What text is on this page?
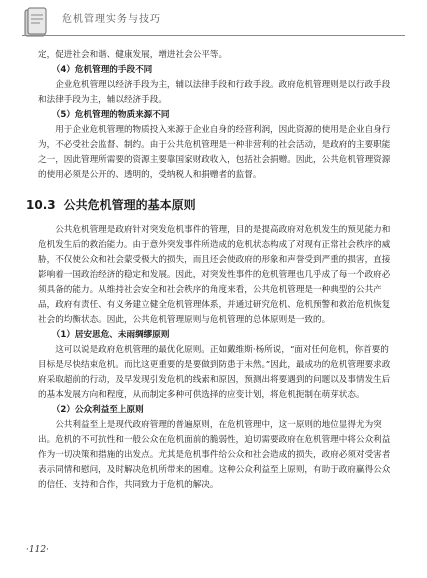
危机管理实务与技巧

定，促进社会和谐、健康发展，增进社会公平等。

（4）危机管理的手段不同

企业危机管理以经济手段为主，辅以法律手段和行政手段。政府危机管理则是以行政手段和法律手段为主，辅以经济手段。

（5）危机管理的物质来源不同

用于企业危机管理的物质投入来源于企业自身的经营利润，因此资源的使用是企业自身行为，不必受社会监督、制约。由于公共危机管理是一种非营利的社会活动，是政府的主要职能之一，因此管理所需要的资源主要靠国家财政收入，包括社会捐赠。因此，公共危机管理资源的使用必须是公开的、透明的，受纳税人和捐赠者的监督。

10.3 公共危机管理的基本原则

公共危机管理是政府针对突发危机事件的管理，目的是提高政府对危机发生的预见能力和危机发生后的救治能力。由于意外突发事件所造成的危机状态构成了对现有正常社会秩序的威胁，不仅使公众和社会蒙受极大的损失，而且还会使政府的形象和声誉受到严重的损害，直接影响着一国政治经济的稳定和发展。因此，对突发性事件的危机管理也几乎成了每一个政府必须具备的能力。从维持社会安全和社会秩序的角度来看，公共危机管理是一种典型的公共产品，政府有责任、有义务建立健全危机管理体系，并通过研究危机、危机预警和救治危机恢复社会的均衡状态。因此，公共危机管理原则与危机管理的总体原则是一致的。

（1）居安思危、未雨绸缪原则

这可以说是政府危机管理的最优化原则。正如戴维斯·杨所说，“面对任何危机，你首要的目标是尽快结束危机。而比这更重要的是要做到防患于未然。”因此，最成功的危机管理要求政府采取超前的行动，及早发现引发危机的线索和原因，预测出将要遇到的问题以及事情发生后的基本发展方向和程度，从而制定多种可供选择的应变计划，将危机扼制在萌芽状态。

（2）公众利益至上原则

公共利益至上是现代政府管理的普遍原则，在危机管理中，这一原则的地位显得尤为突出。危机的不可抗性和一般公众在危机面前的脆弱性，迫切需要政府在危机管理中将公众利益作为一切决策和措施的出发点。尤其是危机事件给公众和社会造成的损失，政府必须对受害者表示同情和慰问，及时解决危机所带来的困难。这种公众利益至上原则，有助于政府赢得公众的信任、支持和合作，共同致力于危机的解决。

·112·
